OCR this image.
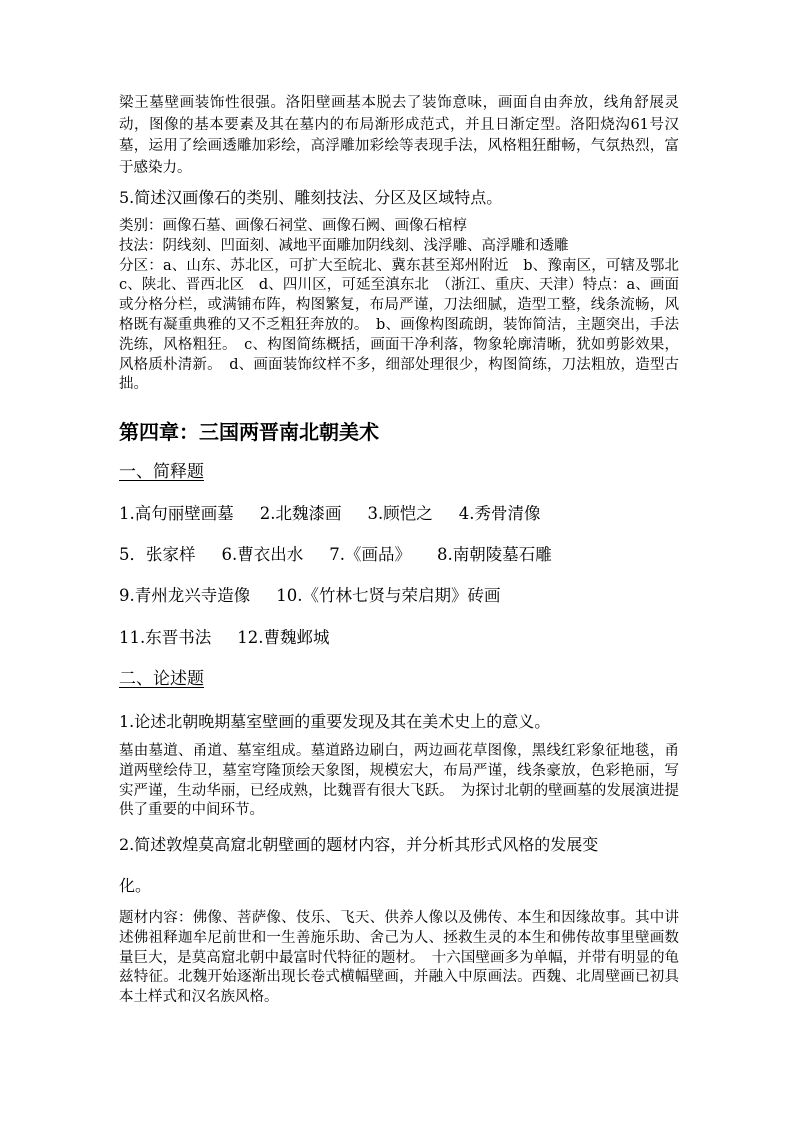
梁王墓壁画装饰性很强。洛阳壁画基本脱去了装饰意味，画面自由奔放，线角舒展灵动，图像的基本要素及其在墓内的布局渐形成范式，并且日渐定型。洛阳烧沟61号汉墓，运用了绘画透雕加彩绘，高浮雕加彩绘等表现手法，风格粗狂酣畅，气氛热烈，富于感染力。

5.简述汉画像石的类别、雕刻技法、分区及区域特点。

类别：画像石墓、画像石祠堂、画像石阙、画像石棺椁
技法：阴线刻、凹面刻、减地平面雕加阴线刻、浅浮雕、高浮雕和透雕
分区：a、山东、苏北区，可扩大至皖北、冀东甚至郑州附近　b、豫南区，可辖及鄂北　c、陕北、晋西北区　d、四川区，可延至滇东北　（浙江、重庆、天津）特点：a、画面或分格分栏，或满铺布阵，构图繁复，布局严谨，刀法细腻，造型工整，线条流畅，风格既有凝重典雅的又不乏粗狂奔放的。　b、画像构图疏朗，装饰简洁，主题突出，手法洗练，风格粗狂。　c、构图简练概括，画面干净利落，物象轮廓清晰，犹如剪影效果，风格质朴清新。　d、画面装饰纹样不多，细部处理很少，构图简练，刀法粗放，造型古拙。

第四章：三国两晋南北朝美术

一、简释题

1.高句丽壁画墓 2.北魏漆画 3.顾恺之 4.秀骨清像
5．张家样 6.曹衣出水 7.《画品》 8.南朝陵墓石雕
9.青州龙兴寺造像 10.《竹林七贤与荣启期》砖画
11.东晋书法 12.曹魏邺城

二、论述题

1.论述北朝晚期墓室壁画的重要发现及其在美术史上的意义。

墓由墓道、甬道、墓室组成。墓道路边刷白，两边画花草图像，黑线红彩象征地毯，甬道两壁绘侍卫，墓室穹隆顶绘天象图，规模宏大，布局严谨，线条豪放，色彩艳丽，写实严谨，生动华丽，已经成熟，比魏晋有很大飞跃。　为探讨北朝的壁画墓的发展演进提供了重要的中间环节。

2.简述敦煌莫高窟北朝壁画的题材内容，并分析其形式风格的发展变

化。

题材内容：佛像、菩萨像、伎乐、飞天、供养人像以及佛传、本生和因缘故事。其中讲述佛祖释迦牟尼前世和一生善施乐助、舍己为人、拯救生灵的本生和佛传故事里壁画数量巨大，是莫高窟北朝中最富时代特征的题材。　十六国壁画多为单幅，并带有明显的龟兹特征。北魏开始逐渐出现长卷式横幅壁画，并融入中原画法。西魏、北周壁画已初具本土样式和汉名族风格。
